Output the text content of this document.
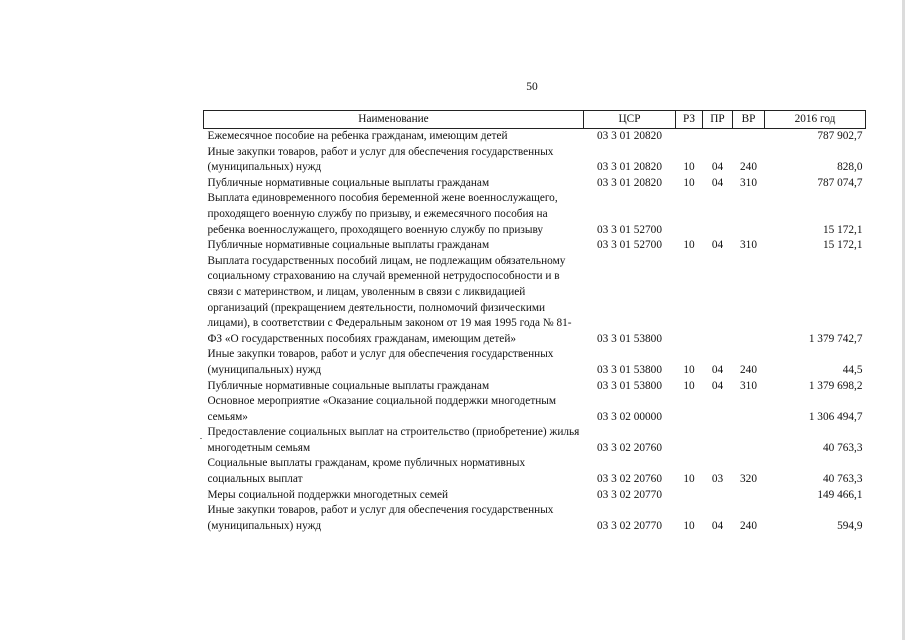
50
Наименование	ЦСР	РЗ	ПР	ВР	2016 год
Ежемесячное пособие на ребенка гражданам, имеющим детей	03 3 01 20820				787 902,7
Иные закупки товаров, работ и услуг для обеспечения государственных (муниципальных) нужд	03 3 01 20820	10	04	240	828,0
Публичные нормативные социальные выплаты гражданам	03 3 01 20820	10	04	310	787 074,7
Выплата единовременного пособия беременной жене военнослужащего, проходящего военную службу по призыву, и ежемесячного пособия на ребенка военнослужащего, проходящего военную службу по призыву	03 3 01 52700				15 172,1
Публичные нормативные социальные выплаты гражданам	03 3 01 52700	10	04	310	15 172,1
Выплата государственных пособий лицам, не подлежащим обязательному социальному страхованию на случай временной нетрудоспособности и в связи с материнством, и лицам, уволенным в связи с ликвидацией организаций (прекращением деятельности, полномочий физическими лицами), в соответствии с Федеральным законом от 19 мая 1995 года № 81-ФЗ «О государственных пособиях гражданам, имеющим детей»	03 3 01 53800				1 379 742,7
Иные закупки товаров, работ и услуг для обеспечения государственных (муниципальных) нужд	03 3 01 53800	10	04	240	44,5
Публичные нормативные социальные выплаты гражданам	03 3 01 53800	10	04	310	1 379 698,2
Основное мероприятие «Оказание социальной поддержки многодетным семьям»	03 3 02 00000				1 306 494,7
Предоставление социальных выплат на строительство (приобретение) жилья многодетным семьям	03 3 02 20760				40 763,3
Социальные выплаты гражданам, кроме публичных нормативных социальных выплат	03 3 02 20760	10	03	320	40 763,3
Меры социальной поддержки многодетных семей	03 3 02 20770				149 466,1
Иные закупки товаров, работ и услуг для обеспечения государственных (муниципальных) нужд	03 3 02 20770	10	04	240	594,9
